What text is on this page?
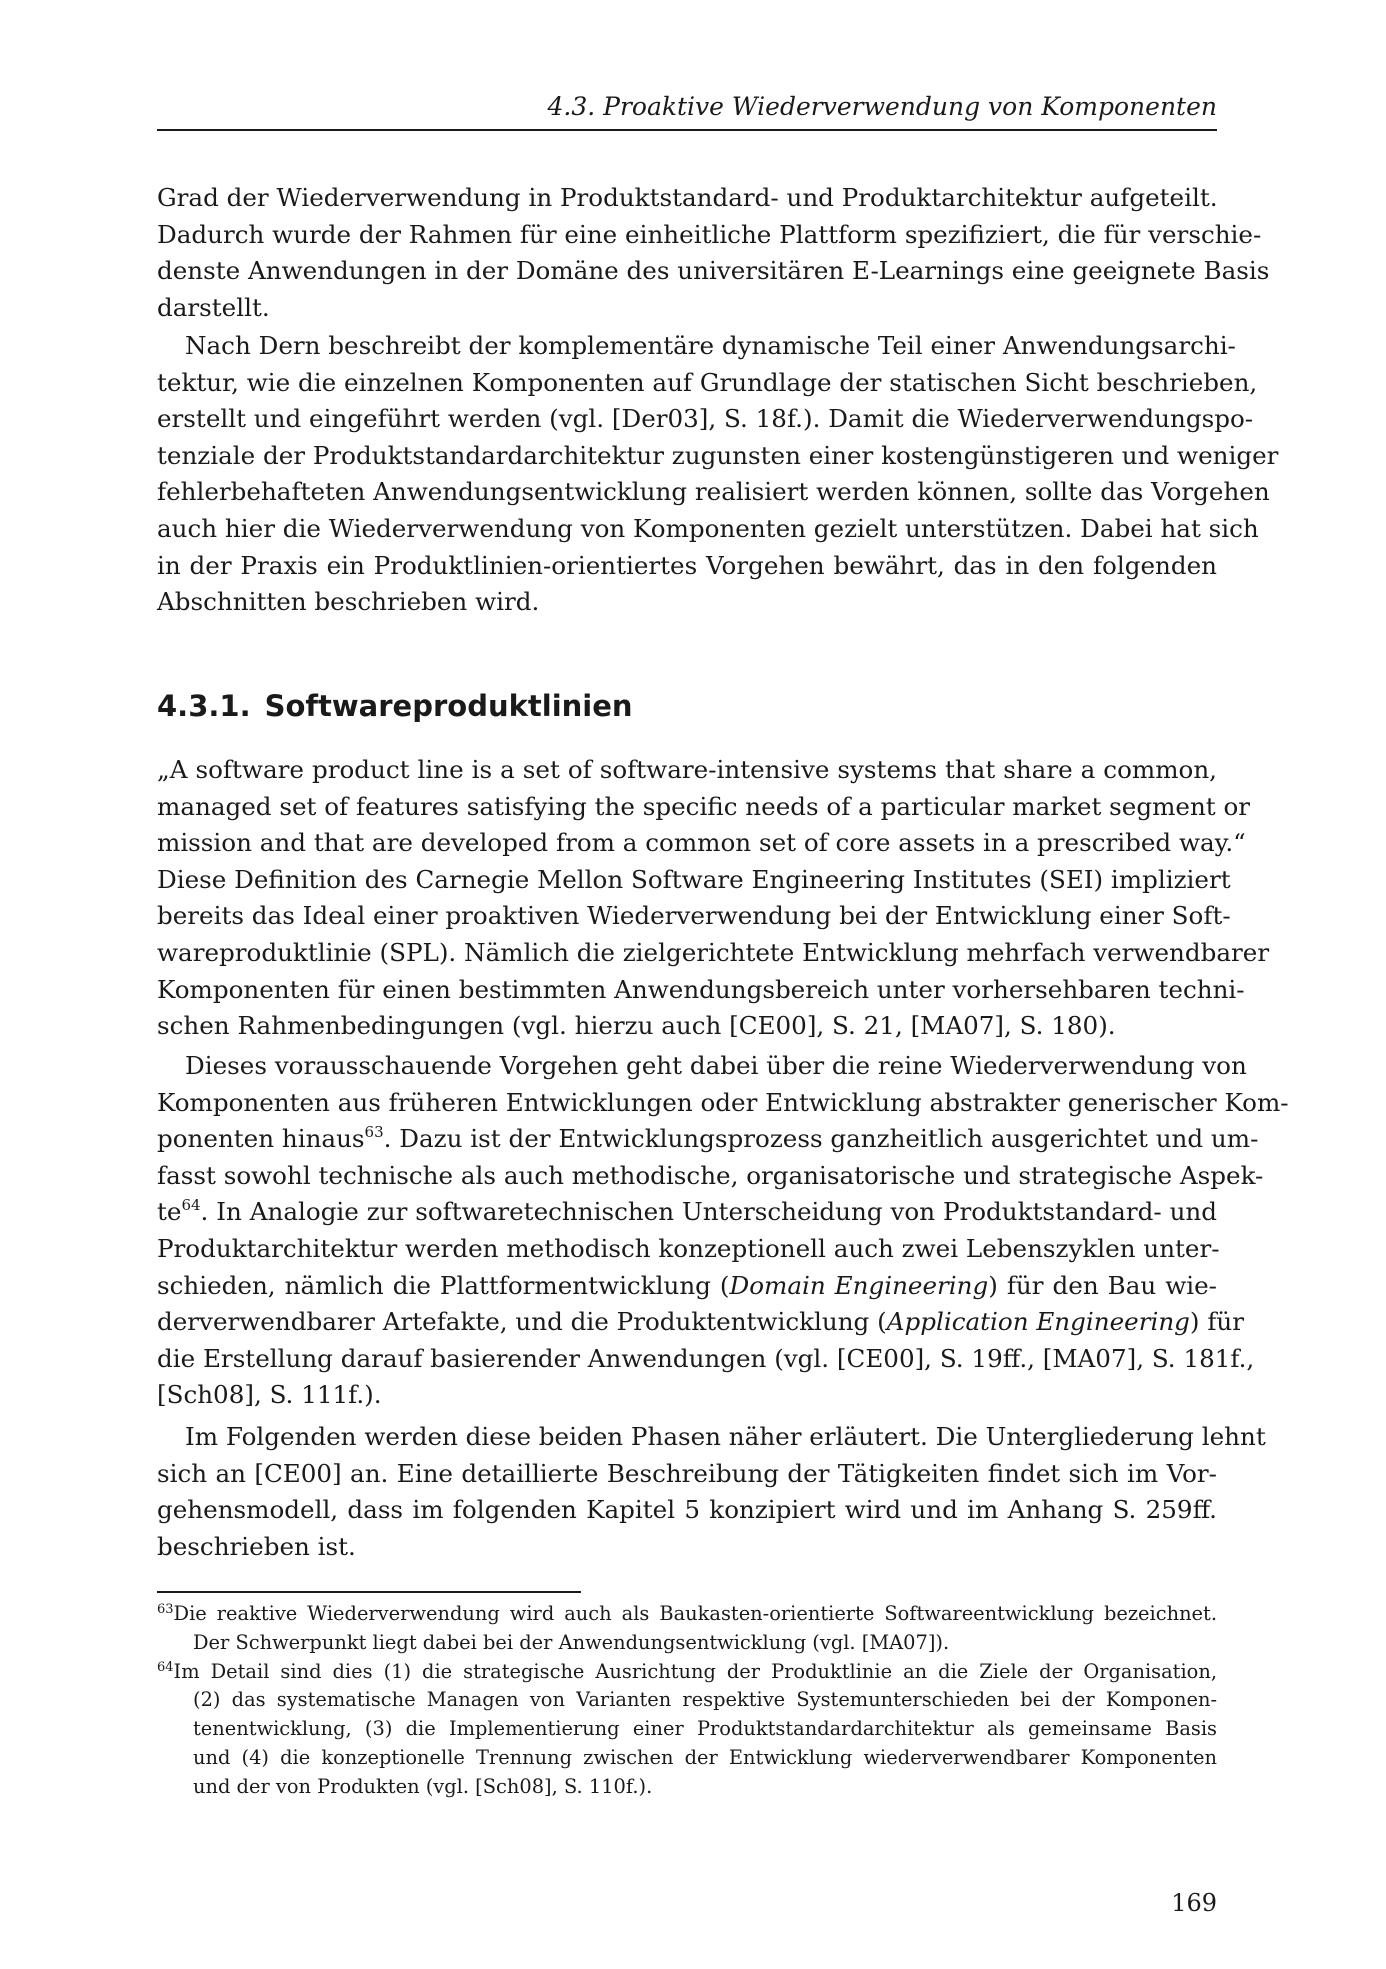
4.3. Proaktive Wiederverwendung von Komponenten
Grad der Wiederverwendung in Produktstandard- und Produktarchitektur aufgeteilt.
Dadurch wurde der Rahmen für eine einheitliche Plattform spezifiziert, die für verschie-
denste Anwendungen in der Domäne des universitären E-Learnings eine geeignete Basis
darstellt.
Nach Dern beschreibt der komplementäre dynamische Teil einer Anwendungsarchi-
tektur, wie die einzelnen Komponenten auf Grundlage der statischen Sicht beschrieben,
erstellt und eingeführt werden (vgl. [Der03], S. 18f.). Damit die Wiederverwendungspo-
tenziale der Produktstandardarchitektur zugunsten einer kostengünstigeren und weniger
fehlerbehafteten Anwendungsentwicklung realisiert werden können, sollte das Vorgehen
auch hier die Wiederverwendung von Komponenten gezielt unterstützen. Dabei hat sich
in der Praxis ein Produktlinien-orientiertes Vorgehen bewährt, das in den folgenden
Abschnitten beschrieben wird.
4.3.1. Softwareproduktlinien
„A software product line is a set of software-intensive systems that share a common,
managed set of features satisfying the specific needs of a particular market segment or
mission and that are developed from a common set of core assets in a prescribed way.“
Diese Definition des Carnegie Mellon Software Engineering Institutes (SEI) impliziert
bereits das Ideal einer proaktiven Wiederverwendung bei der Entwicklung einer Soft-
wareproduktlinie (SPL). Nämlich die zielgerichtete Entwicklung mehrfach verwendbarer
Komponenten für einen bestimmten Anwendungsbereich unter vorhersehbaren techni-
schen Rahmenbedingungen (vgl. hierzu auch [CE00], S. 21, [MA07], S. 180).
Dieses vorausschauende Vorgehen geht dabei über die reine Wiederverwendung von
Komponenten aus früheren Entwicklungen oder Entwicklung abstrakter generischer Kom-
ponenten hinaus$^{63}$. Dazu ist der Entwicklungsprozess ganzheitlich ausgerichtet und um-
fasst sowohl technische als auch methodische, organisatorische und strategische Aspek-
$te^{64}$. In Analogie zur softwaretechnischen Unterscheidung von Produktstandard- und
Produktarchitektur werden methodisch konzeptionell auch zwei Lebenszyklen unter-
schieden, nämlich die Plattformentwicklung (Domain Engineering) für den Bau wie-
derverwendbarer Artefakte, und die Produktentwicklung (Application Engineering) für
die Erstellung darauf basierender Anwendungen (vgl. [CE00], S. 19ff., [MA07], S. 181f.,
[Sch08], S. 111f.).
Im Folgenden werden diese beiden Phasen näher erläutert. Die Untergliederung lehnt
sich an [CE00] an. Eine detaillierte Beschreibung der Tätigkeiten findet sich im Vor-
gehensmodell, dass im folgenden Kapitel 5 konzipiert wird und im Anhang S. 259ff.
beschrieben ist.
$^{63}$Die reaktive Wiederverwendung wird auch als Baukasten-orientierte Softwareentwicklung bezeichnet.
Der Schwerpunkt liegt dabei bei der Anwendungsentwicklung (vgl. [MA07]).
$^{64}$Im Detail sind dies (1) die strategische Ausrichtung der Produktlinie an die Ziele der Organisation,
(2) das systematische Managen von Varianten respektive Systemunterschieden bei der Komponen-
tenentwicklung, (3) die Implementierung einer Produktstandardarchitektur als gemeinsame Basis
und (4) die konzeptionelle Trennung zwischen der Entwicklung wiederverwendbarer Komponenten
und der von Produkten (vgl. [Sch08], S. 110f.).
169
